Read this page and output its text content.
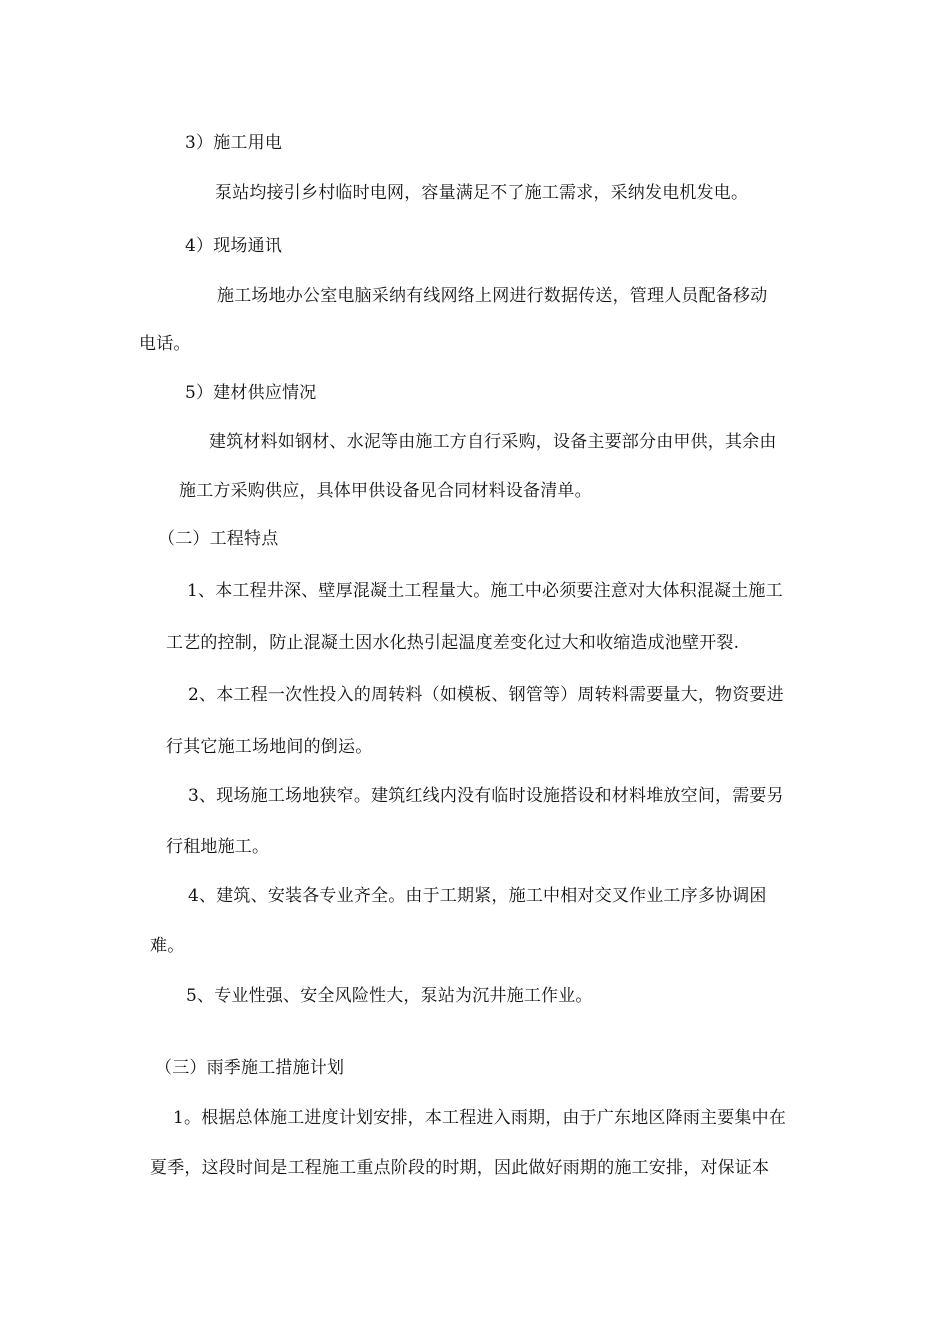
3）施工用电
泵站均接引乡村临时电网，容量满足不了施工需求，采纳发电机发电。
4）现场通讯
施工场地办公室电脑采纳有线网络上网进行数据传送，管理人员配备移动
电话。
5）建材供应情况
建筑材料如钢材、水泥等由施工方自行采购，设备主要部分由甲供，其余由
施工方采购供应，具体甲供设备见合同材料设备清单。
（二）工程特点
1、本工程井深、壁厚混凝土工程量大。施工中必须要注意对大体积混凝土施工
工艺的控制，防止混凝土因水化热引起温度差变化过大和收缩造成池壁开裂.
2、本工程一次性投入的周转料（如模板、钢管等）周转料需要量大，物资要进
行其它施工场地间的倒运。
3、现场施工场地狭窄。建筑红线内没有临时设施搭设和材料堆放空间，需要另
行租地施工。
4、建筑、安装各专业齐全。由于工期紧，施工中相对交叉作业工序多协调困
难。
5、专业性强、安全风险性大，泵站为沉井施工作业。
（三）雨季施工措施计划
1。根据总体施工进度计划安排，本工程进入雨期，由于广东地区降雨主要集中在
夏季，这段时间是工程施工重点阶段的时期，因此做好雨期的施工安排，对保证本
